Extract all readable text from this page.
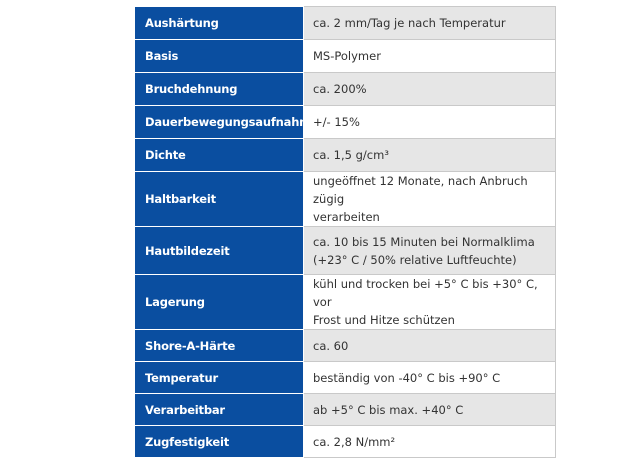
Aushärtung	ca. 2 mm/Tag je nach Temperatur
Basis	MS-Polymer
Bruchdehnung	ca. 200%
Dauerbewegungsaufnahme	+/- 15%
Dichte	ca. 1,5 g/cm³
Haltbarkeit	ungeöffnet 12 Monate, nach Anbruch zügig
verarbeiten

Hautbildezeit	ca. 10 bis 15 Minuten bei Normalklima
(+23° C / 50% relative Luftfeuchte)

Lagerung	kühl und trocken bei +5° C bis +30° C, vor
Frost und Hitze schützen

Shore-A-Härte	ca. 60
Temperatur	beständig von -40° C bis +90° C
Verarbeitbar	ab +5° C bis max. +40° C
Zugfestigkeit	ca. 2,8 N/mm²
